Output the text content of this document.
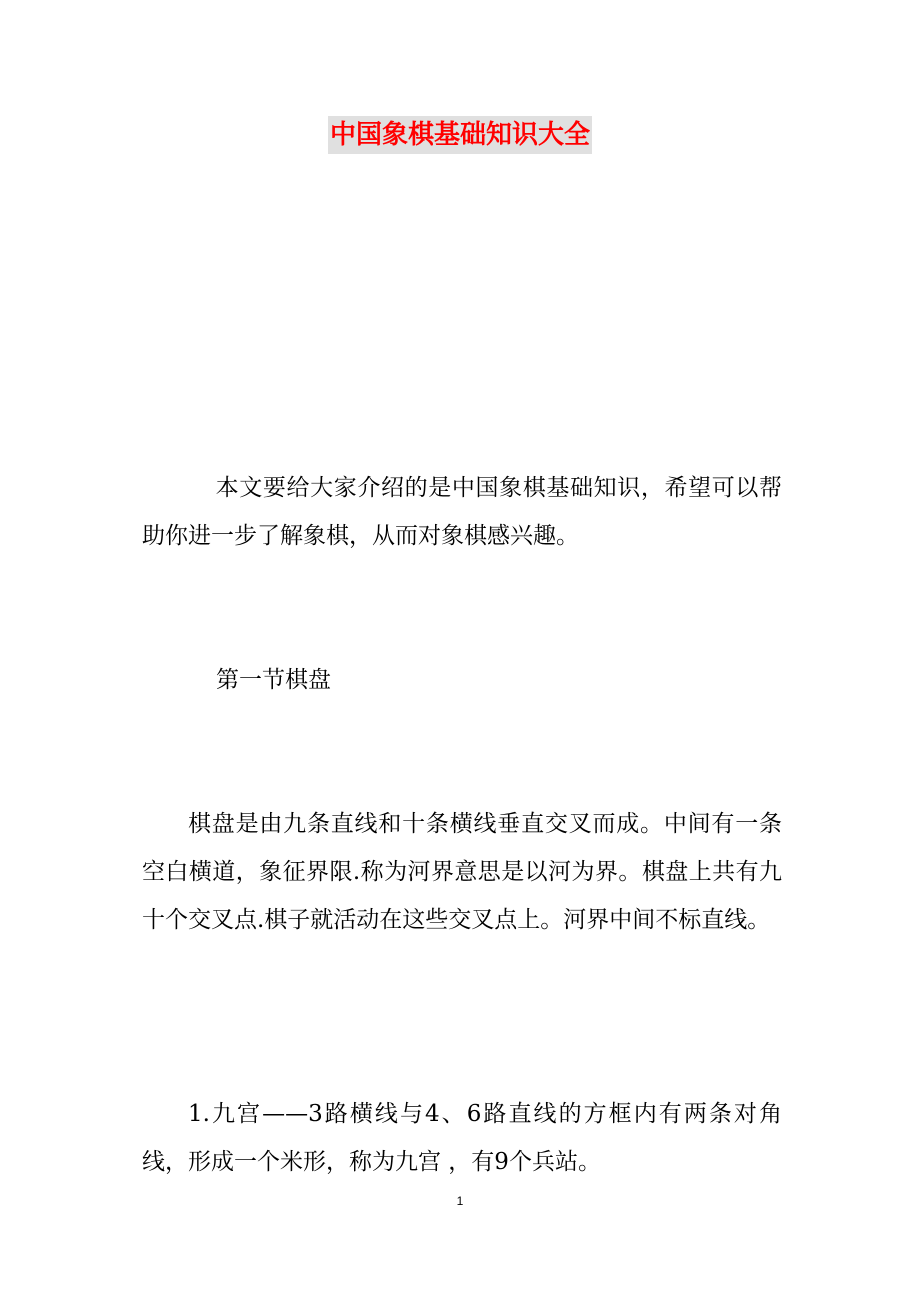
中国象棋基础知识大全

本文要给大家介绍的是中国象棋基础知识，希望可以帮助你进一步了解象棋，从而对象棋感兴趣。

第一节棋盘

棋盘是由九条直线和十条横线垂直交叉而成。中间有一条空白横道，象征界限.称为河界意思是以河为界。棋盘上共有九十个交叉点.棋子就活动在这些交叉点上。河界中间不标直线。

1.九宫——3路横线与4、6路直线的方框内有两条对角线，形成一个米形，称为九宫 ，有9个兵站。

1
